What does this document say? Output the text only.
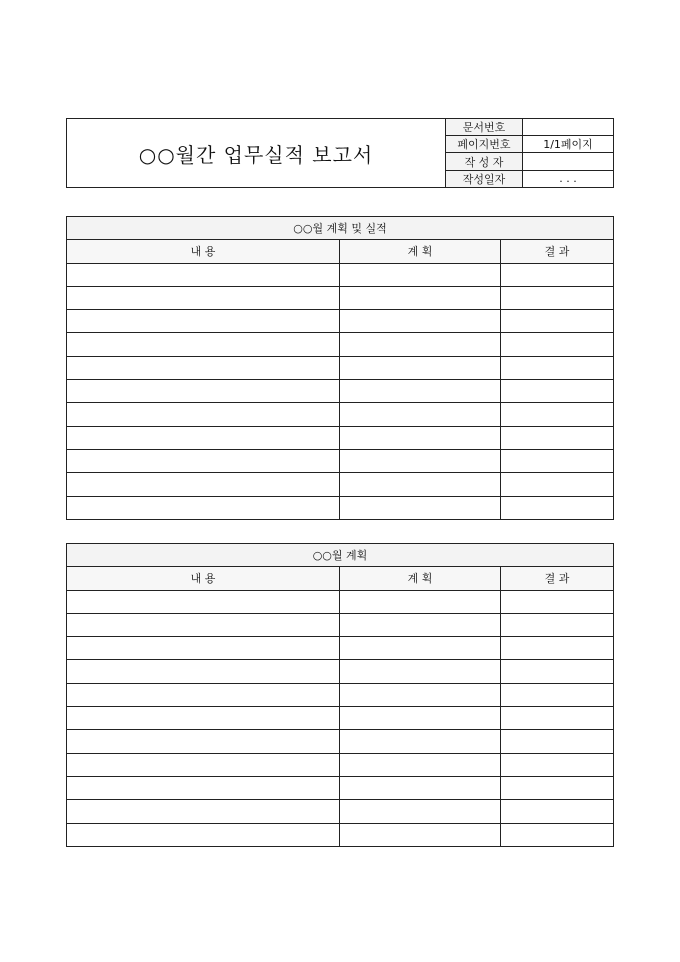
○○월간 업무실적 보고서
문서번호	
페이지번호	1/1페이지
작 성 자	
작성일자	. . .
○○월 계획 및 실적		
내 용	계 획	결 과

○○월 계획		
내 용	계 획	결 과
